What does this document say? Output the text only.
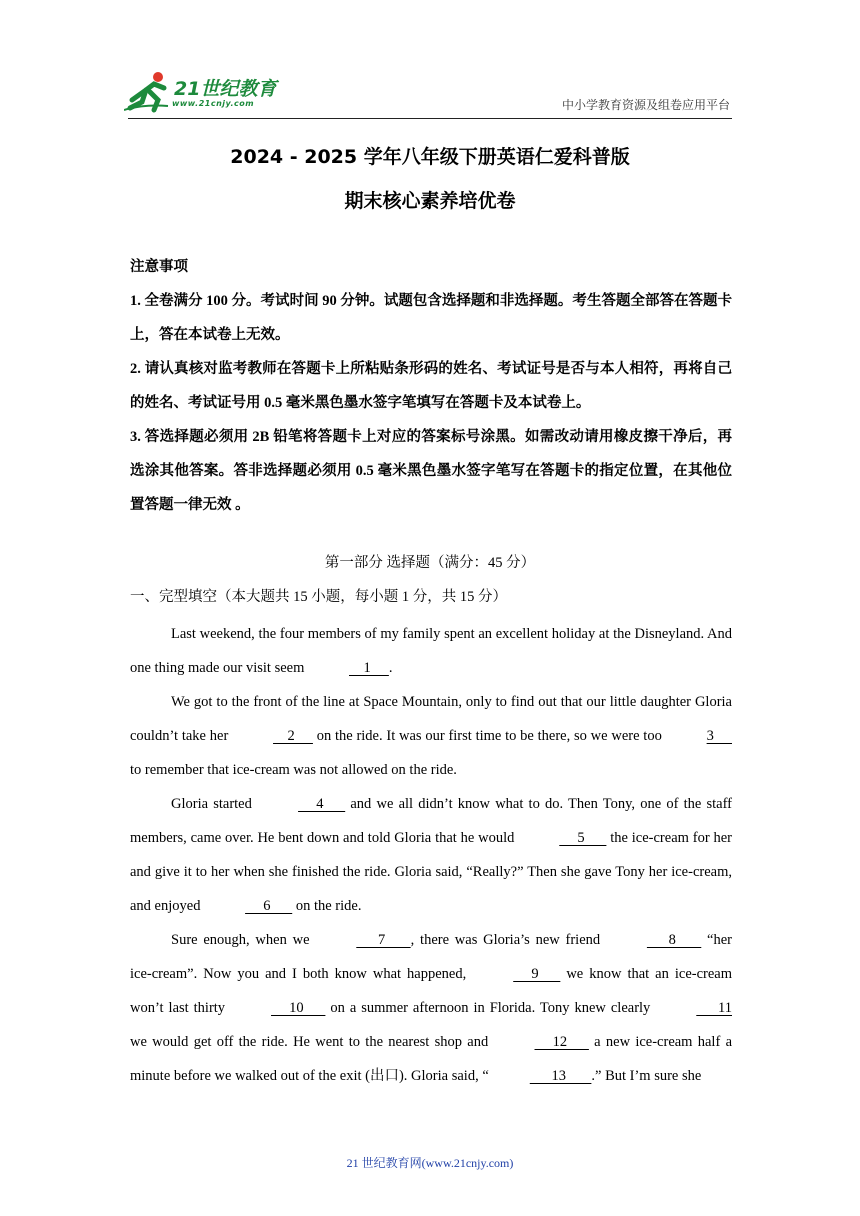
21世纪教育
www.21cnjy.com	中小学教育资源及组卷应用平台
2024 - 2025 学年八年级下册英语仁爱科普版
期末核心素养培优卷

注意事项

1. 全卷满分 100 分。考试时间 90 分钟。试题包含选择题和非选择题。考生答题全部答在答题卡上，答在本试卷上无效。

2. 请认真核对监考教师在答题卡上所粘贴条形码的姓名、考试证号是否与本人相符，再将自己的姓名、考试证号用 0.5 毫米黑色墨水签字笔填写在答题卡及本试卷上。

3. 答选择题必须用 2B 铅笔将答题卡上对应的答案标号涂黑。如需改动请用橡皮擦干净后，再选涂其他答案。答非选择题必须用 0.5 毫米黑色墨水签字笔写在答题卡的指定位置，在其他位置答题一律无效 。

第一部分 选择题（满分：45 分）
一、完型填空（本大题共 15 小题，每小题 1 分，共 15 分）

Last weekend, the four members of my family spent an excellent holiday at the Disneyland. And one thing made our visit seem	1     .

We got to the front of the line at Space Mountain, only to find out that our little daughter Gloria couldn’t take her	2      on the ride. It was our first time to be there, so we were too	3      to remember that ice-cream was not allowed on the ride.

Gloria started	4       and we all didn’t know what to do. Then Tony, one of the staff members, came over. He bent down and told Gloria that he would	5       the ice-cream for her and give it to her when she finished the ride. Gloria said, “Really?” Then she gave Tony her ice-cream, and enjoyed	6       on the ride.

Sure enough, when we	7       , there was Gloria’s new friend	8        “her ice-cream”. Now you and I both know what happened,	9       we know that an ice-cream won’t last thirty	10       on a summer afternoon in Florida. Tony knew clearly	11 we would get off the ride. He went to the nearest shop and	12       a new ice-cream half a minute before we walked out of the exit (出口). Gloria said, “	13       .” But I’m sure she

21 世纪教育网(www.21cnjy.com)
